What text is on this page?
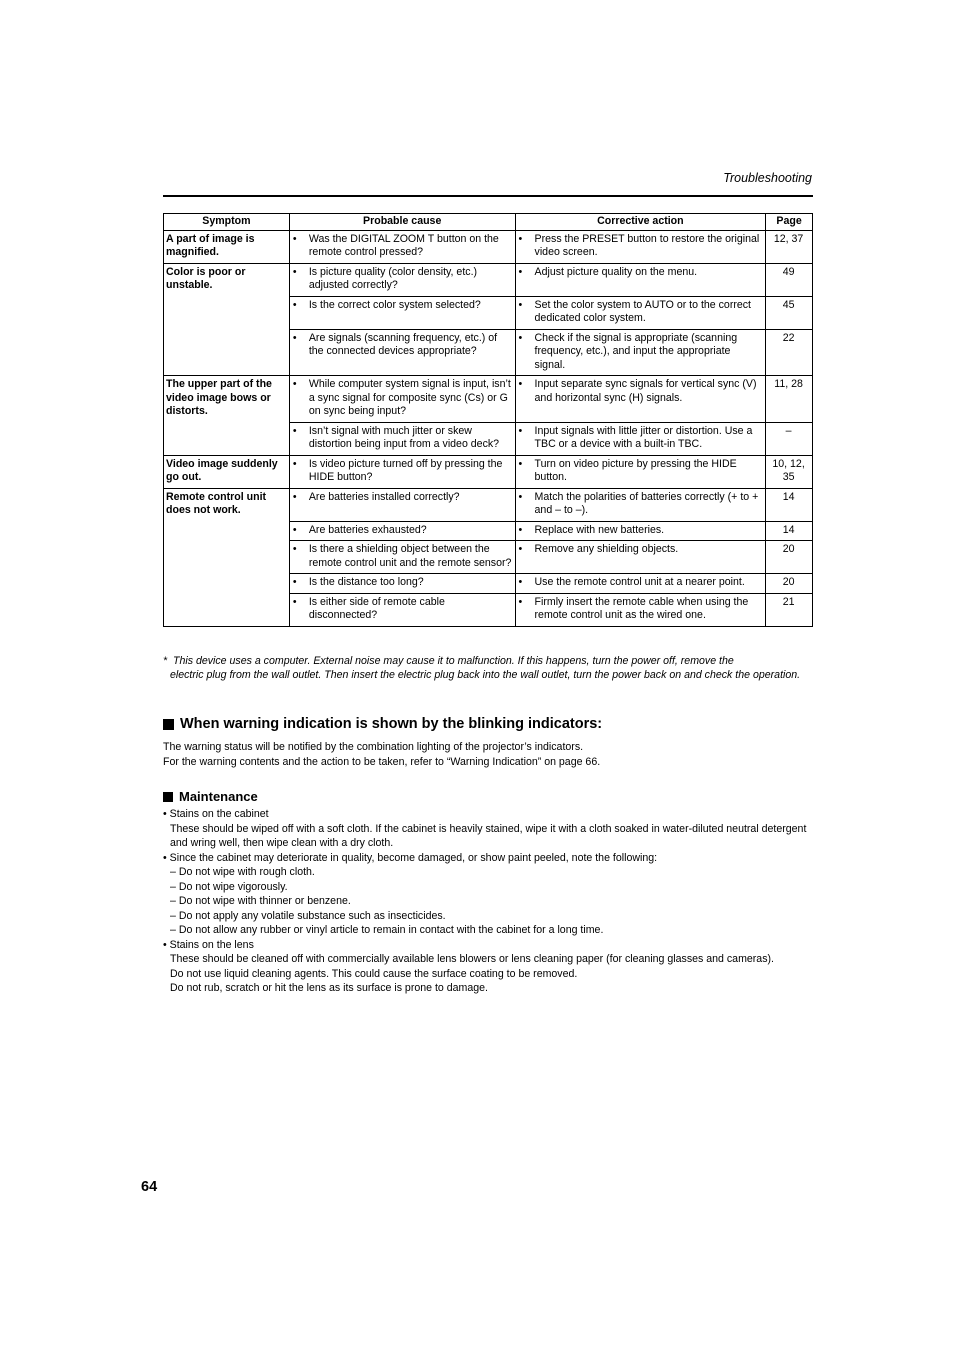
Troubleshooting
Symptom	Probable cause	Corrective action	Page
A part of image is magnified.	• Was the DIGITAL ZOOM T button on the remote control pressed?	• Press the PRESET button to restore the original video screen.	12, 37
Color is poor or unstable.	• Is picture quality (color density, etc.) adjusted correctly?	• Adjust picture quality on the menu.	49

	• Is the correct color system selected?	• Set the color system to AUTO or to the correct dedicated color system.	45

	• Are signals (scanning frequency, etc.) of the connected devices appropriate?	• Check if the signal is appropriate (scanning frequency, etc.), and input the appropriate signal.	22
The upper part of the video image bows or distorts.	• While computer system signal is input, isn’t a sync signal for composite sync (Cs) or G on sync being input?	• Input separate sync signals for vertical sync (V) and horizontal sync (H) signals.	11, 28

	• Isn’t signal with much jitter or skew distortion being input from a video deck?	• Input signals with little jitter or distortion. Use a TBC or a device with a built-in TBC.	–
Video image suddenly go out.	• Is video picture turned off by pressing the HIDE button?	• Turn on video picture by pressing the HIDE button.	10, 12, 35
Remote control unit does not work.	• Are batteries installed correctly?	• Match the polarities of batteries correctly (+ to + and – to –).	14

	• Are batteries exhausted?	• Replace with new batteries.	14

	• Is there a shielding object between the remote control unit and the remote sensor?	• Remove any shielding objects.	20

	• Is the distance too long?	• Use the remote control unit at a nearer point.	20

	• Is either side of remote cable disconnected?	• Firmly insert the remote cable when using the remote control unit as the wired one.	21
* This device uses a computer. External noise may cause it to malfunction. If this happens, turn the power off, remove the
electric plug from the wall outlet. Then insert the electric plug back into the wall outlet, turn the power back on and check the operation.
When warning indication is shown by the blinking indicators:
The warning status will be notified by the combination lighting of the projector’s indicators.
For the warning contents and the action to be taken, refer to “Warning Indication” on page 66.
Maintenance
• Stains on the cabinet
These should be wiped off with a soft cloth. If the cabinet is heavily stained, wipe it with a cloth soaked in water-diluted neutral detergent and wring well, then wipe clean with a dry cloth.
• Since the cabinet may deteriorate in quality, become damaged, or show paint peeled, note the following:
– Do not wipe with rough cloth.
– Do not wipe vigorously.
– Do not wipe with thinner or benzene.
– Do not apply any volatile substance such as insecticides.
– Do not allow any rubber or vinyl article to remain in contact with the cabinet for a long time.
• Stains on the lens
These should be cleaned off with commercially available lens blowers or lens cleaning paper (for cleaning glasses and cameras).
Do not use liquid cleaning agents. This could cause the surface coating to be removed.
Do not rub, scratch or hit the lens as its surface is prone to damage.
64
